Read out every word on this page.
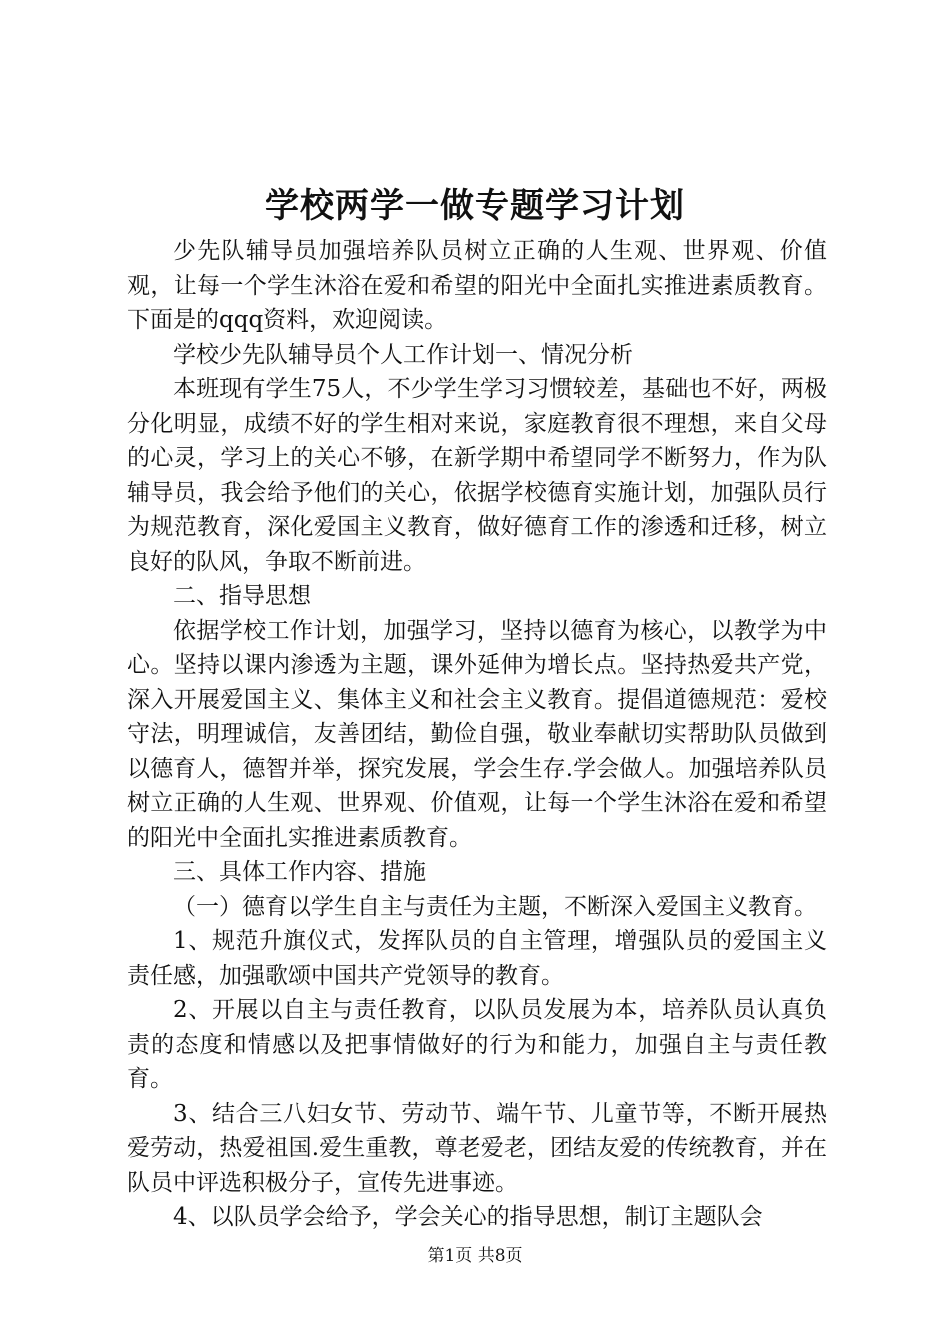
学校两学一做专题学习计划

少先队辅导员加强培养队员树立正确的人生观、世界观、价值观，让每一个学生沐浴在爱和希望的阳光中全面扎实推进素质教育。下面是的qqq资料，欢迎阅读。

学校少先队辅导员个人工作计划一、情况分析

本班现有学生75人，不少学生学习习惯较差，基础也不好，两极分化明显，成绩不好的学生相对来说，家庭教育很不理想，来自父母的心灵，学习上的关心不够，在新学期中希望同学不断努力，作为队辅导员，我会给予他们的关心，依据学校德育实施计划，加强队员行为规范教育，深化爱国主义教育，做好德育工作的渗透和迁移，树立良好的队风，争取不断前进。

二、指导思想

依据学校工作计划，加强学习，坚持以德育为核心，以教学为中心。坚持以课内渗透为主题，课外延伸为增长点。坚持热爱共产党，深入开展爱国主义、集体主义和社会主义教育。提倡道德规范：爱校守法，明理诚信，友善团结，勤俭自强，敬业奉献切实帮助队员做到以德育人，德智并举，探究发展，学会生存.学会做人。加强培养队员树立正确的人生观、世界观、价值观，让每一个学生沐浴在爱和希望的阳光中全面扎实推进素质教育。

三、具体工作内容、措施

（一）德育以学生自主与责任为主题，不断深入爱国主义教育。

1、规范升旗仪式，发挥队员的自主管理，增强队员的爱国主义责任感，加强歌颂中国共产党领导的教育。

2、开展以自主与责任教育，以队员发展为本，培养队员认真负责的态度和情感以及把事情做好的行为和能力，加强自主与责任教育。

3、结合三八妇女节、劳动节、端午节、儿童节等，不断开展热爱劳动，热爱祖国.爱生重教，尊老爱老，团结友爱的传统教育，并在队员中评选积极分子，宣传先进事迹。

4、以队员学会给予，学会关心的指导思想，制订主题队会

第1页 共8页
